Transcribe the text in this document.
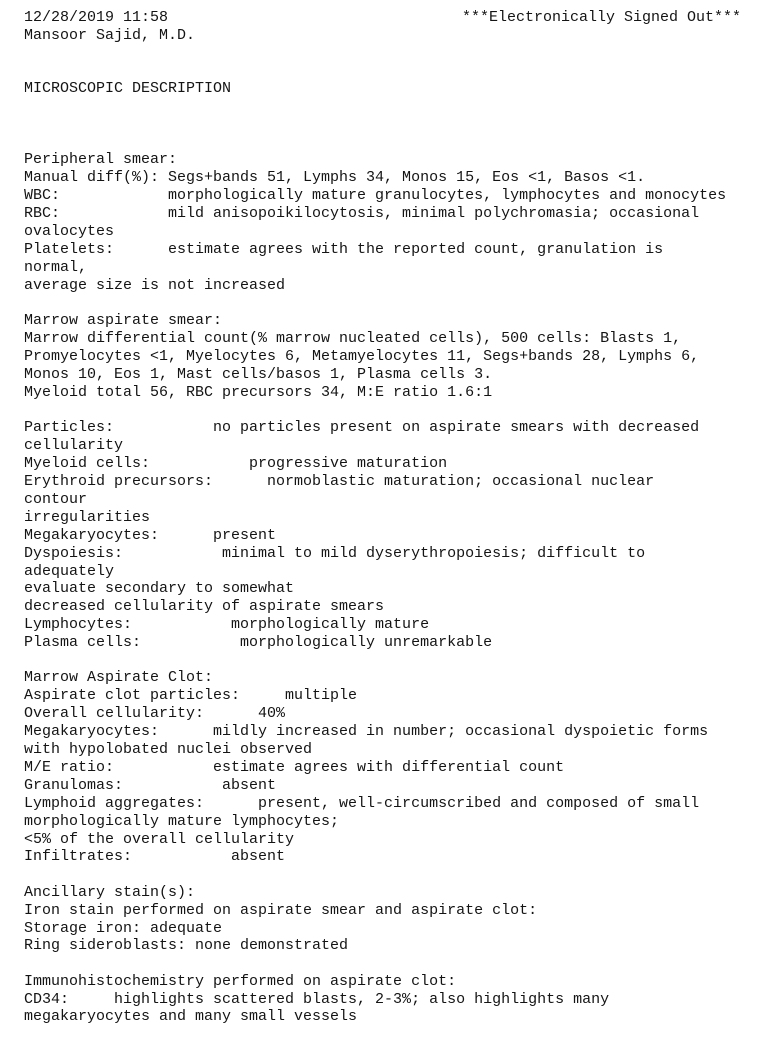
12/28/2019 11:58	***Electronically Signed Out***
Mansoor Sajid, M.D.
MICROSCOPIC DESCRIPTION
Peripheral smear:
Manual diff(%): Segs+bands 51, Lymphs 34, Monos 15, Eos <1, Basos <1.
WBC:            morphologically mature granulocytes, lymphocytes and monocytes
RBC:            mild anisopoikilocytosis, minimal polychromasia; occasional
ovalocytes
Platelets:      estimate agrees with the reported count, granulation is
normal,
average size is not increased
Marrow aspirate smear:
Marrow differential count(% marrow nucleated cells), 500 cells: Blasts 1,
Promyelocytes <1, Myelocytes 6, Metamyelocytes 11, Segs+bands 28, Lymphs 6,
Monos 10, Eos 1, Mast cells/basos 1, Plasma cells 3.
Myeloid total 56, RBC precursors 34, M:E ratio 1.6:1
Particles:           no particles present on aspirate smears with decreased
cellularity
Myeloid cells:           progressive maturation
Erythroid precursors:      normoblastic maturation; occasional nuclear
contour
irregularities
Megakaryocytes:      present
Dyspoiesis:           minimal to mild dyserythropoiesis; difficult to
adequately
evaluate secondary to somewhat
decreased cellularity of aspirate smears
Lymphocytes:           morphologically mature
Plasma cells:           morphologically unremarkable
Marrow Aspirate Clot:
Aspirate clot particles:     multiple
Overall cellularity:      40%
Megakaryocytes:      mildly increased in number; occasional dyspoietic forms
with hypolobated nuclei observed
M/E ratio:           estimate agrees with differential count
Granulomas:           absent
Lymphoid aggregates:      present, well-circumscribed and composed of small
morphologically mature lymphocytes;
<5% of the overall cellularity
Infiltrates:           absent
Ancillary stain(s):
Iron stain performed on aspirate smear and aspirate clot:
Storage iron: adequate
Ring sideroblasts: none demonstrated
Immunohistochemistry performed on aspirate clot:
CD34:     highlights scattered blasts, 2-3%; also highlights many
megakaryocytes and many small vessels
